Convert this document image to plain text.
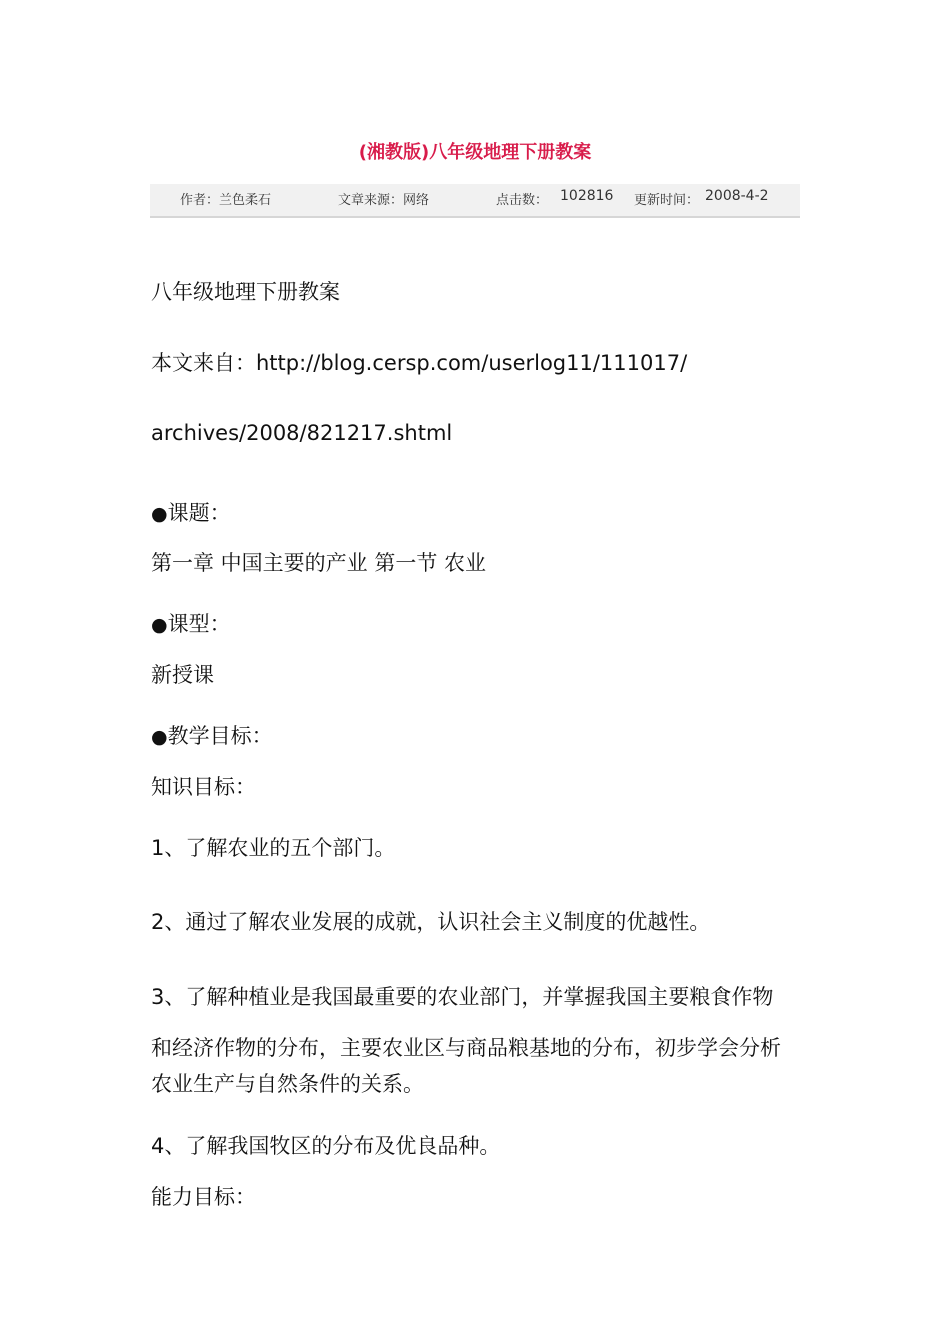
(湘教版)八年级地理下册教案
作者：兰色柔石	文章来源：网络	点击数： 102816 更新时间： 2008-4-2
八年级地理下册教案
本文来自：http://blog.cersp.com/userlog11/111017/
archives/2008/821217.shtml
●课题：
第一章 中国主要的产业 第一节 农业
●课型：
新授课
●教学目标：
知识目标：
1、了解农业的五个部门。
2、通过了解农业发展的成就，认识社会主义制度的优越性。
3、了解种植业是我国最重要的农业部门，并掌握我国主要粮食作物
和经济作物的分布，主要农业区与商品粮基地的分布，初步学会分析
农业生产与自然条件的关系。
4、了解我国牧区的分布及优良品种。
能力目标：
